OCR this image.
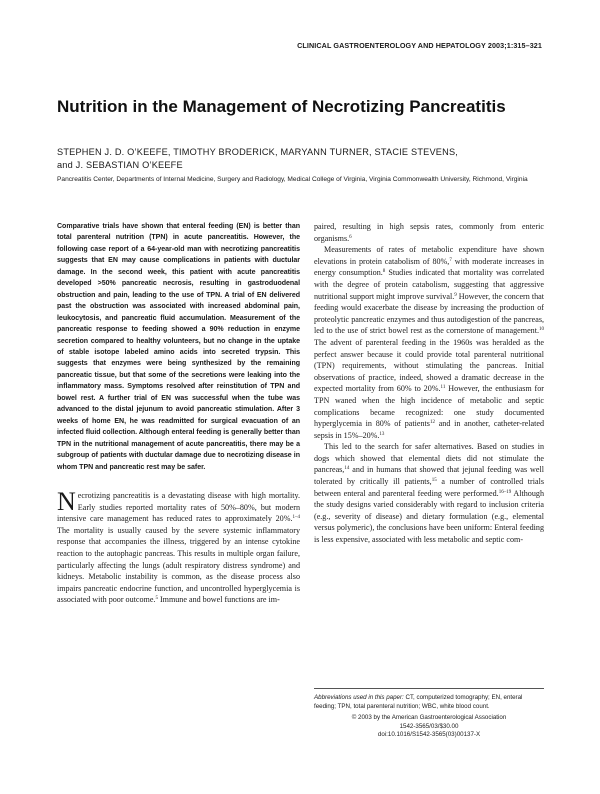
CLINICAL GASTROENTEROLOGY AND HEPATOLOGY 2003;1:315–321
Nutrition in the Management of Necrotizing Pancreatitis
STEPHEN J. D. O’KEEFE, TIMOTHY BRODERICK, MARYANN TURNER, STACIE STEVENS,
and J. SEBASTIAN O’KEEFE
Pancreatitis Center, Departments of Internal Medicine, Surgery and Radiology, Medical College of Virginia, Virginia Commonwealth University, Richmond, Virginia

Comparative trials have shown that enteral feeding (EN) is better than total parenteral nutrition (TPN) in acute pancreatitis. However, the following case report of a 64-year-old man with necrotizing pancreatitis suggests that EN may cause complications in patients with ductular damage. In the second week, this patient with acute pancreatitis developed >50% pancreatic necrosis, resulting in gastroduodenal obstruction and pain, leading to the use of TPN. A trial of EN delivered past the obstruction was associated with increased abdominal pain, leukocytosis, and pancreatic fluid accumulation. Measurement of the pancreatic response to feeding showed a 90% reduction in enzyme secretion compared to healthy volunteers, but no change in the uptake of stable isotope labeled amino acids into secreted trypsin. This suggests that enzymes were being synthesized by the remaining pancreatic tissue, but that some of the secretions were leaking into the inflammatory mass. Symptoms resolved after reinstitution of TPN and bowel rest. A further trial of EN was successful when the tube was advanced to the distal jejunum to avoid pancreatic stimulation. After 3 weeks of home EN, he was readmitted for surgical evacuation of an infected fluid collection. Although enteral feeding is generally better than TPN in the nutritional management of acute pancreatitis, there may be a subgroup of patients with ductular damage due to necrotizing disease in whom TPN and pancreatic rest may be safer.

Necrotizing pancreatitis is a devastating disease with high mortality. Early studies reported mortality rates of 50%–80%, but modern intensive care management has reduced rates to approximately 20%.$^{1-4}$ The mortality is usually caused by the severe systemic inflammatory response that accompanies the illness, triggered by an intense cytokine reaction to the autophagic pancreas. This results in multiple organ failure, particularly affecting the lungs (adult respiratory distress syndrome) and kidneys. Metabolic instability is common, as the disease process also impairs pancreatic endocrine function, and uncontrolled hyperglycemia is associated with poor outcome.$^5$ Immune and bowel functions are im-

paired, resulting in high sepsis rates, commonly from enteric organisms.$^6$

Measurements of rates of metabolic expenditure have shown elevations in protein catabolism of 80%,$^7$ with moderate increases in energy consumption.$^8$ Studies indicated that mortality was correlated with the degree of protein catabolism, suggesting that aggressive nutritional support might improve survival.$^9$ However, the concern that feeding would exacerbate the disease by increasing the production of proteolytic pancreatic enzymes and thus autodigestion of the pancreas, led to the use of strict bowel rest as the cornerstone of management.$^{10}$ The advent of parenteral feeding in the 1960s was heralded as the perfect answer because it could provide total parenteral nutritional (TPN) requirements, without stimulating the pancreas. Initial observations of practice, indeed, showed a dramatic decrease in the expected mortality from 60% to 20%.$^{11}$ However, the enthusiasm for TPN waned when the high incidence of metabolic and septic complications became recognized: one study documented hyperglycemia in 80% of patients$^{12}$ and in another, catheter-related sepsis in 15%–20%.$^{13}$

This led to the search for safer alternatives. Based on studies in dogs which showed that elemental diets did not stimulate the pancreas,$^{14}$ and in humans that showed that jejunal feeding was well tolerated by critically ill patients,$^{15}$ a number of controlled trials between enteral and parenteral feeding were performed.$^{16-19}$ Although the study designs varied considerably with regard to inclusion criteria (e.g., severity of disease) and dietary formulation (e.g., elemental versus polymeric), the conclusions have been uniform: Enteral feeding is less expensive, associated with less metabolic and septic com-

Abbreviations used in this paper: CT, computerized tomography; EN, enteral feeding; TPN, total parenteral nutrition; WBC, white blood count.
© 2003 by the American Gastroenterological Association
1542-3565/03/$30.00
doi:10.1016/S1542-3565(03)00137-X
